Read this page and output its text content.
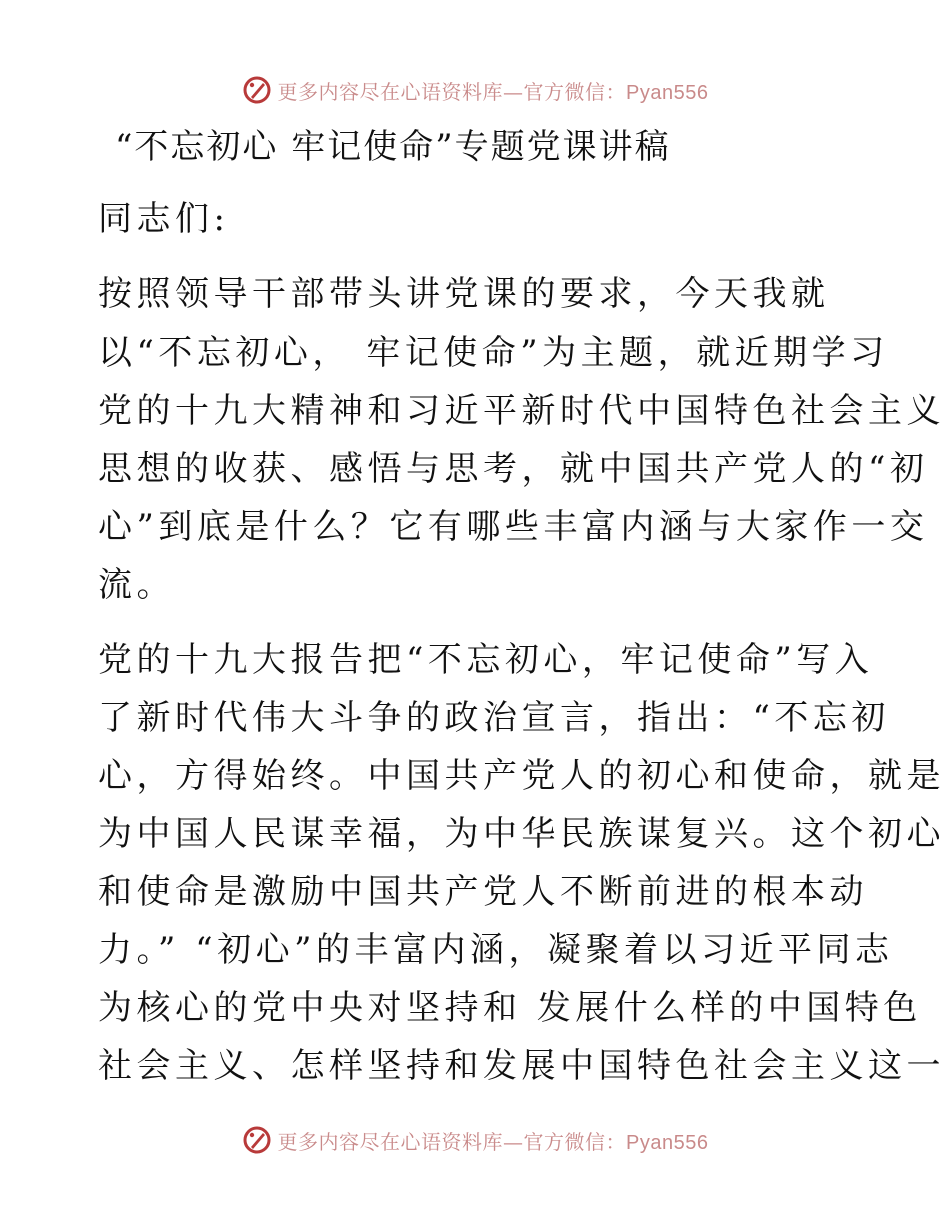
更多内容尽在心语资料库—官方微信：Pyan556
“不忘初心 牢记使命”专题党课讲稿
同志们:
按照领导干部带头讲党课的要求，今天我就
以“不忘初心， 牢记使命”为主题，就近期学习
党的十九大精神和习近平新时代中国特色社会主义
思想的收获、感悟与思考，就中国共产党人的“初
心”到底是什么？它有哪些丰富内涵与大家作一交
流。
党的十九大报告把“不忘初心，牢记使命”写入
了新时代伟大斗争的政治宣言，指出：“不忘初
心，方得始终。中国共产党人的初心和使命，就是
为中国人民谋幸福，为中华民族谋复兴。这个初心
和使命是激励中国共产党人不断前进的根本动
力。” “初心”的丰富内涵，凝聚着以习近平同志
为核心的党中央对坚持和 发展什么样的中国特色
社会主义、怎样坚持和发展中国特色社会主义这一
更多内容尽在心语资料库—官方微信：Pyan556
